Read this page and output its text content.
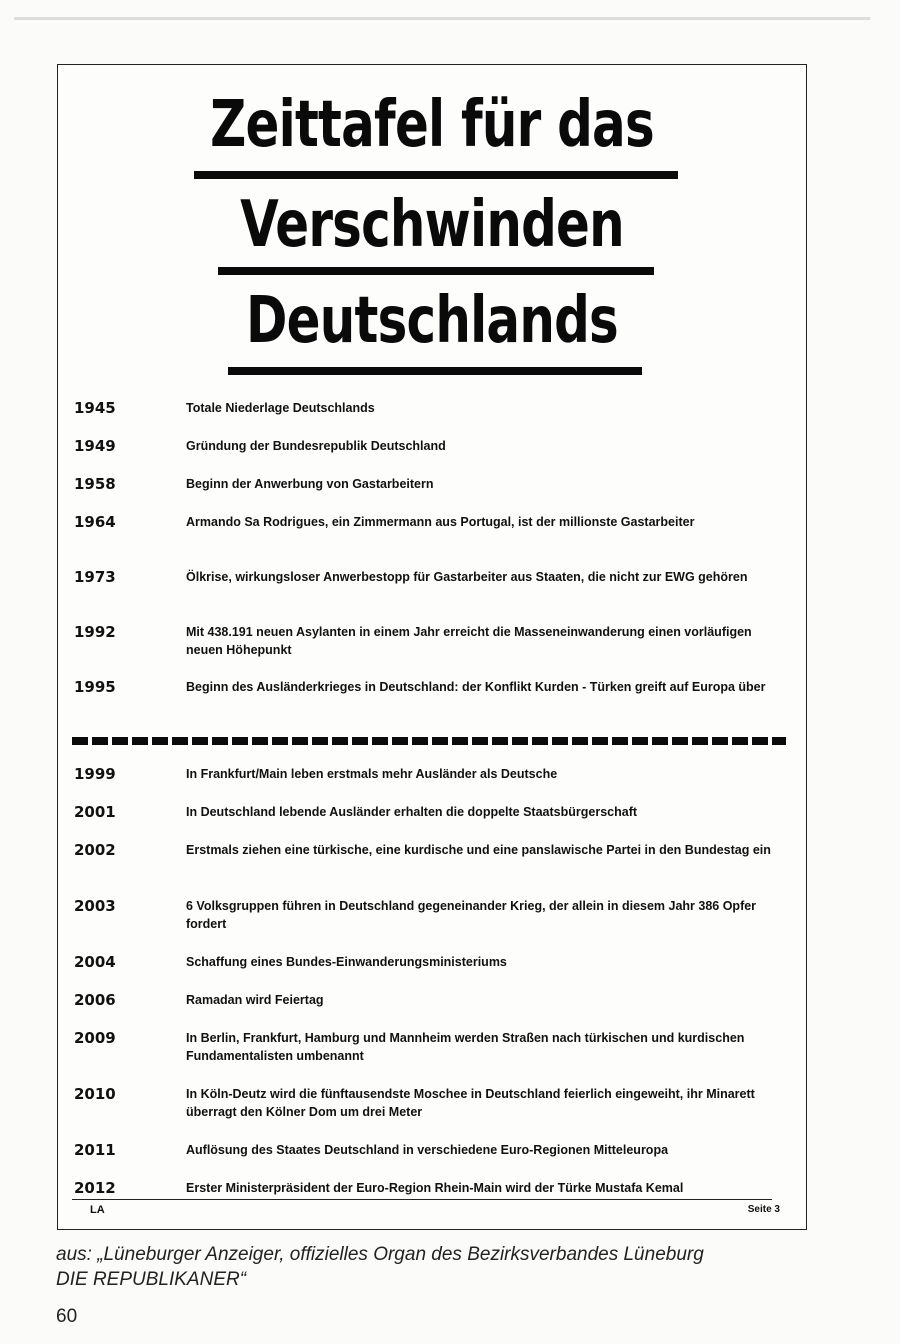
Zeittafel für das
Verschwinden
Deutschlands
1945	Totale Niederlage Deutschlands
1949	Gründung der Bundesrepublik Deutschland
1958	Beginn der Anwerbung von Gastarbeitern
1964	Armando Sa Rodrigues, ein Zimmermann aus Portugal, ist der millionste Gastarbeiter
1973	Ölkrise, wirkungsloser Anwerbestopp für Gastarbeiter aus Staaten, die nicht zur EWG gehören
1992	Mit 438.191 neuen Asylanten in einem Jahr erreicht die Masseneinwanderung einen vorläufigen neuen Höhepunkt
1995	Beginn des Ausländerkrieges in Deutschland: der Konflikt Kurden - Türken greift auf Europa über
1999	In Frankfurt/Main leben erstmals mehr Ausländer als Deutsche
2001	In Deutschland lebende Ausländer erhalten die doppelte Staatsbürgerschaft
2002	Erstmals ziehen eine türkische, eine kurdische und eine panslawische Partei in den Bundestag ein
2003	6 Volksgruppen führen in Deutschland gegeneinander Krieg, der allein in diesem Jahr 386 Opfer fordert
2004	Schaffung eines Bundes-Einwanderungsministeriums
2006	Ramadan wird Feiertag
2009	In Berlin, Frankfurt, Hamburg und Mannheim werden Straßen nach türkischen und kurdischen Fundamentalisten umbenannt
2010	In Köln-Deutz wird die fünftausendste Moschee in Deutschland feierlich eingeweiht, ihr Minarett überragt den Kölner Dom um drei Meter
2011	Auflösung des Staates Deutschland in verschiedene Euro-Regionen Mitteleuropa
2012	Erster Ministerpräsident der Euro-Region Rhein-Main wird der Türke Mustafa Kemal
LA	Seite 3
aus: „Lüneburger Anzeiger, offizielles Organ des Bezirksverbandes Lüneburg
DIE REPUBLIKANER“
60
